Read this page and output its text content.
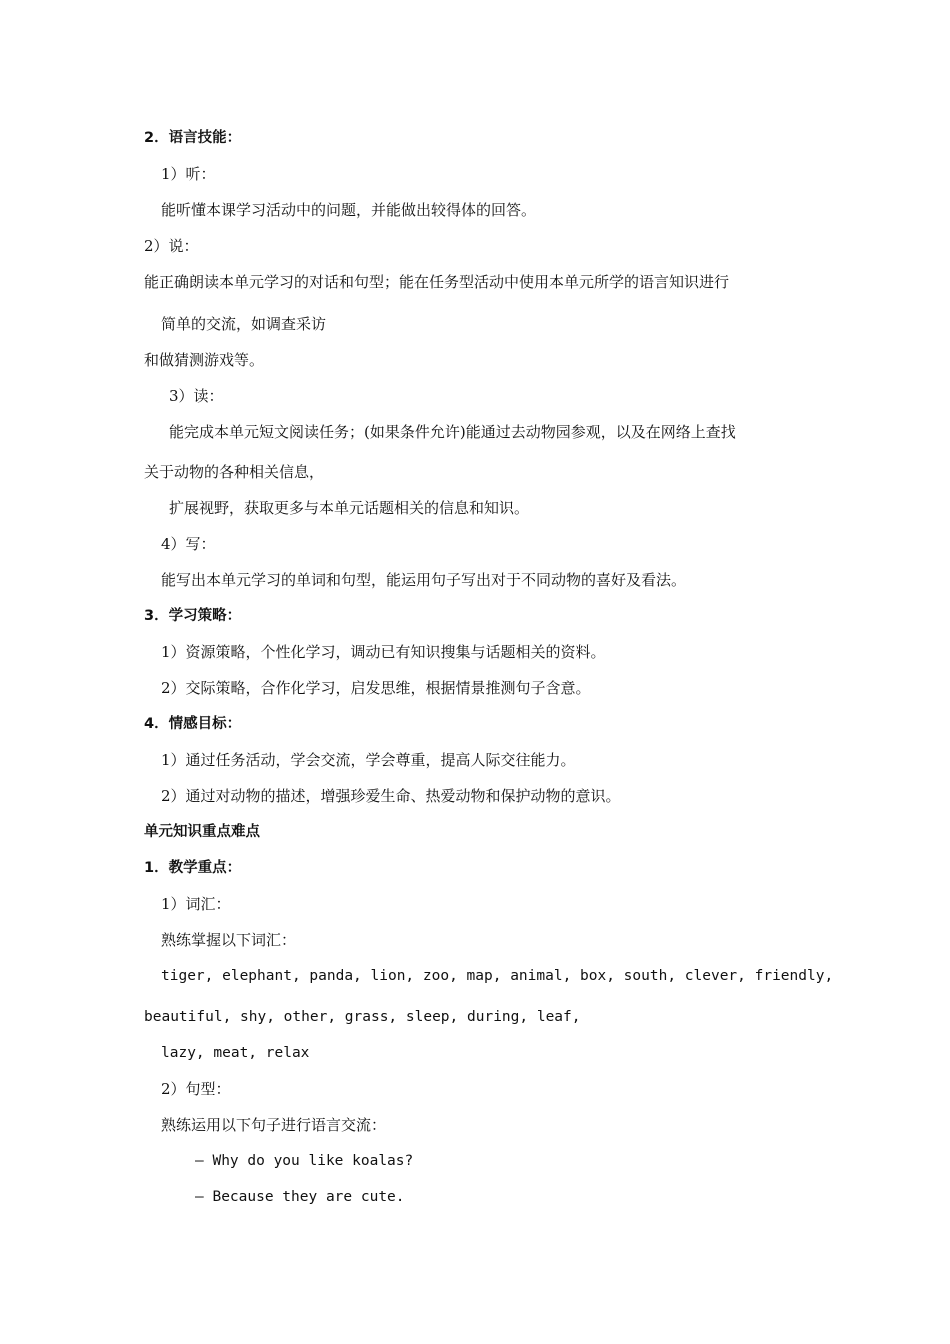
2．语言技能：
1）听：
能听懂本课学习活动中的问题，并能做出较得体的回答。
2）说：
能正确朗读本单元学习的对话和句型；能在任务型活动中使用本单元所学的语言知识进行
简单的交流，如调查采访
和做猜测游戏等。
3）读：
能完成本单元短文阅读任务；(如果条件允许)能通过去动物园参观，以及在网络上查找
关于动物的各种相关信息，
扩展视野，获取更多与本单元话题相关的信息和知识。
4）写：
能写出本单元学习的单词和句型，能运用句子写出对于不同动物的喜好及看法。
3．学习策略：
1）资源策略，个性化学习，调动已有知识搜集与话题相关的资料。
2）交际策略，合作化学习，启发思维，根据情景推测句子含意。
4．情感目标：
1）通过任务活动，学会交流，学会尊重，提高人际交往能力。
2）通过对动物的描述，增强珍爱生命、热爱动物和保护动物的意识。
单元知识重点难点
1．教学重点：
1）词汇：
熟练掌握以下词汇：
tiger, elephant, panda, lion, zoo, map, animal, box, south, clever, friendly,
beautiful, shy, other, grass, sleep, during, leaf,
lazy, meat, relax
2）句型：
熟练运用以下句子进行语言交流：
— Why do you like koalas?
— Because they are cute.
